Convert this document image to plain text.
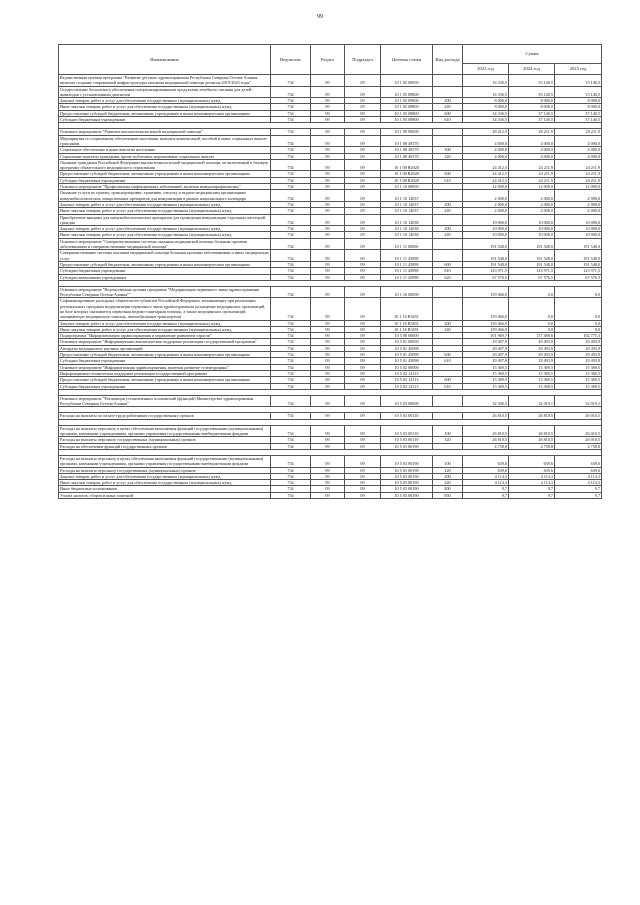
99
Наименование	Ведомство	Раздел	Подраздел	Целевая статья	Вид расхода	Сумма		
						2023 год	2024 год	2025 год
Ведомственная целевая программа "Развитие детского здравоохранения Республики Северная Осетия-Алания, включая создание современной инфраструктуры оказания медицинской помощи детям на 2019-2025 годы"	734	09	09	10 1 05 00000		16 336,5	35 140,5	15 140,5
Осуществление бесплатного обеспечения специализированными продуктами лечебного питания для детей-инвалидов с установленным диагнозом	734	09	09	10 1 05 09800		16 336,5	35 140,5	15 140,5
Закупка товаров, работ и услуг для обеспечения государственных (муниципальных) нужд	734	09	09	10 1 05 09800	200	8 000,0	8 000,0	8 000,0
Иные закупки товаров, работ и услуг для обеспечения государственных (муниципальных) нужд	734	09	09	10 1 05 09800	240	8 000,0	8 000,0	8 000,0
Предоставление субсидий бюджетным, автономным учреждениям и иным некоммерческим организациям	734	09	09	10 1 05 09800	600	34 336,5	37 140,5	37 140,5
Субсидии бюджетным учреждениям	734	09	09	10 1 05 09800	610	34 336,5	37 140,5	37 140,5

Основное мероприятие "Развитие высокотехнологичной медицинской помощи"	734	09	09	10 1 08 00000		28 412,5	28 211,9	28 211,9
Мероприятия по социальному обеспечению населения, выплаты компенсаций, пособий и иных социальных выплат гражданам	734	09	09	10 1 08 49370		4 000,0	4 000,0	4 000,0
Социальное обеспечение и иные выплаты населению	734	09	09	10 1 08 49370	300	4 000,0	4 000,0	4 000,0
Социальные выплаты гражданам, кроме публичных нормативных социальных выплат	734	09	09	10 1 08 49370	320	4 000,0	4 000,0	4 000,0
Оказание гражданам Российской Федерации высокотехнологичной медицинской помощи, не включенной в базовую программу обязательного медицинского страхования	734	09	09	10 1 08 R4020		24 412,5	24 211,9	24 211,9
Предоставление субсидий бюджетным, автономным учреждениям и иным некоммерческим организациям	734	09	09	10 1 08 R4020	600	24 412,5	24 211,9	24 211,9
Субсидии бюджетным учреждениям	734	09	09	10 1 08 R4020	610	24 412,5	24 211,9	24 211,9
Основное мероприятие "Профилактика инфекционных заболеваний, включая иммунопрофилактику"	734	09	09	10 1 10 00000		12 000,0	12 000,0	12 000,0
Оказание услуги по приему, транспортировке, хранению, отпуску и выдаче медицинским организациям иммунобиологических лекарственных препаратов для иммунизации в рамках национального календаря	734	09	09	10 1 10 14037		2 000,0	2 000,0	2 000,0
Закупка товаров, работ и услуг для обеспечения государственных (муниципальных) нужд	734	09	09	10 1 10 14037	200	2 000,0	2 000,0	2 000,0
Иные закупки товаров, работ и услуг для обеспечения государственных (муниципальных) нужд	734	09	09	10 1 10 14037	240	2 000,0	2 000,0	2 000,0
Приобретение вакцины для иммунобиологических препаратов для проведения иммунизации отдельных категорий граждан	734	09	09	10 1 10 14038		10 000,0	10 000,0	10 000,0
Закупка товаров, работ и услуг для обеспечения государственных (муниципальных) нужд	734	09	09	10 1 10 14038	200	10 000,0	10 000,0	10 000,0
Иные закупки товаров, работ и услуг для обеспечения государственных (муниципальных) нужд	734	09	09	10 1 10 14038	240	10 000,0	10 000,0	10 000,0
Основное мероприятие "Совершенствование системы оказания медицинской помощи больным прочими заболеваниями и совершенствование медицинской помощи"	734	09	09	10 1 11 00000		191 548,0	191 548,0	191 548,0
Совершенствование системы оказания медицинской помощи больным прочими заболеваниями и иных медицинских услуг	734	09	09	10 1 11 45098		191 548,0	191 548,0	191 548,0
Предоставление субсидий бюджетным, автономным учреждениям и иным некоммерческим организациям	734	09	09	10 1 11 45098	600	191 548,0	191 548,0	191 548,0
Субсидии бюджетным учреждениям	734	09	09	10 1 11 45098	610	123 971,5	123 971,5	123 971,5
Субсидии автономным учреждениям	734	09	09	10 1 11 45098	620	67 576,5	67 576,5	67 576,5

Основное мероприятие "Ведомственная целевая программа "Модернизация первичного звена здравоохранения Республики Северная Осетия-Алания""	734	09	09	10 1 16 00000		159 466,0	0,0	0,0
Софинансирование расходных обязательств субъектов Российской Федерации, возникающих при реализации региональных программ модернизации первичного звена здравоохранения (оснащение медицинских организаций, на базе которых оказывается первичная медико-санитарная помощь, а также медицинских организаций, оказывающих медицинскую помощь, автомобильным транспортом)	734	09	09	10 1 16 R3651		159 466,0	0,0	0,0
Закупка товаров, работ и услуг для обеспечения государственных (муниципальных) нужд	734	09	09	10 1 16 R3651	200	159 466,0	0,0	0,0
Иные закупки товаров, работ и услуг для обеспечения государственных (муниципальных) нужд	734	09	09	10 1 16 R3651	240	159 466,0	0,0	0,0
Подпрограмма "Информатизация здравоохранения и управление развитием отрасли"	734	09	09	10 5 00 00000		101 969,7	157 498,6	102 775,3
Основное мероприятие "Информационно-аналитическая поддержка реализации государственной программы"	734	09	09	10 5 01 00000		29 497,9	29 493,9	29 493,9
Аппараты медицинских научных организаций	734	09	09	10 5 01 45098		29 497,9	29 493,9	29 493,9
Предоставление субсидий бюджетным, автономным учреждениям и иным некоммерческим организациям	734	09	09	10 5 01 45098	600	29 497,9	29 493,9	29 493,9
Субсидии бюджетным учреждениям	734	09	09	10 5 01 45098	610	29 497,9	29 493,9	29 493,9
Основное мероприятие "Информатизация здравоохранения, включая развитие телемедицины"	734	09	09	10 5 02 00000		15 369,5	15 369,5	15 369,5
Информационно-техническая поддержка реализации государственной программы	734	09	09	10 5 02 14113		15 369,5	15 369,5	15 369,5
Предоставление субсидий бюджетным, автономным учреждениям и иным некоммерческим организациям	734	09	09	10 5 02 14113	600	15 369,5	15 369,5	15 369,5
Субсидии бюджетным учреждениям	734	09	09	10 5 02 14113	610	15 369,5	15 369,5	15 369,5

Основное мероприятие "Реализация установленных полномочий (функций) Министерства здравоохранения Республики Северная Осетия-Алания"	734	09	09	10 5 03 00000		32 300,3	32 019,1	32 019,1

Расходы на выплаты по оплате труда работников государственных органов	734	09	09	10 5 03 00110		26 810,5	26 810,5	26 010,5

Расходы на выплаты персоналу в целях обеспечения выполнения функций государственными (муниципальными) органами, казенными учреждениями, органами управления государственными внебюджетными фондами	734	09	09	10 5 03 00110	100	26 810,5	26 810,5	26 010,5
Расходы на выплаты персоналу государственных (муниципальных) органов	734	09	09	10 5 03 00110	120	26 810,5	26 810,5	26 010,5
Расходы на обеспечение функций государственных органов	734	09	09	10 5 03 00190		4 758,8	4 758,8	4 758,8

Расходы на выплаты персоналу в целях обеспечения выполнения функций государственными (муниципальными) органами, казенными учреждениями, органами управления государственными внебюджетными фондами	734	09	09	10 5 03 00190	100	639,6	639,6	639,6
Расходы на выплаты персоналу государственных (муниципальных) органов	734	09	09	10 5 03 00190	120	639,6	639,6	639,6
Закупка товаров, работ и услуг для обеспечения государственных (муниципальных) нужд	734	09	09	10 5 03 00190	200	4 114,3	4 114,3	4 114,3
Иные закупки товаров, работ и услуг для обеспечения государственных (муниципальных) нужд	734	09	09	10 5 03 00190	240	4 114,3	4 114,3	4 114,3
Иные бюджетные ассигнования	734	09	09	10 5 03 00190	800	9,7	9,7	9,7
Уплата налогов, сборов и иных платежей	734	09	09	10 5 03 00190	850	9,7	9,7	9,7
